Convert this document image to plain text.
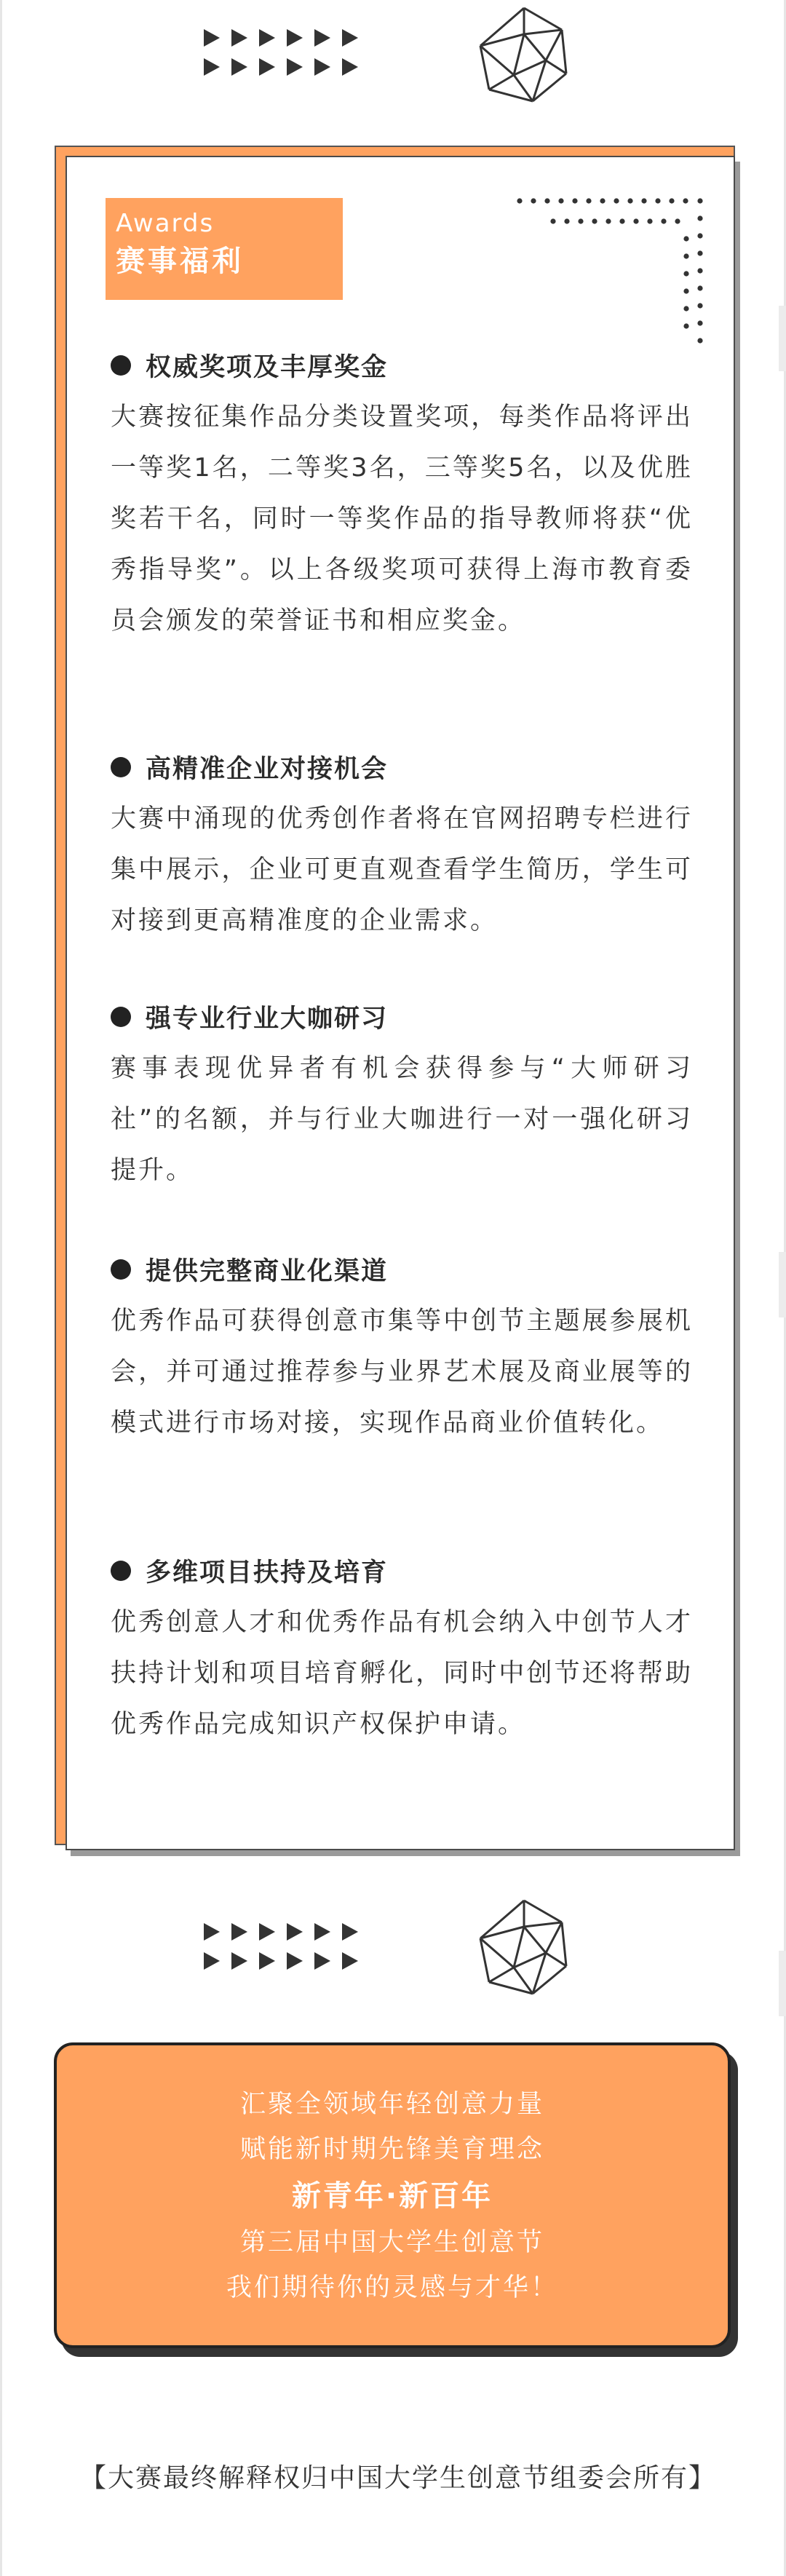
Awards
赛事福利
权威奖项及丰厚奖金
大赛按征集作品分类设置奖项，每类作品将评出一等奖1名，二等奖3名，三等奖5名，以及优胜奖若干名，同时一等奖作品的指导教师将获“优秀指导奖”。以上各级奖项可获得上海市教育委员会颁发的荣誉证书和相应奖金。
高精准企业对接机会
大赛中涌现的优秀创作者将在官网招聘专栏进行集中展示，企业可更直观查看学生简历，学生可对接到更高精准度的企业需求。
强专业行业大咖研习
赛事表现优异者有机会获得参与“大师研习社”的名额，并与行业大咖进行一对一强化研习提升。
提供完整商业化渠道
优秀作品可获得创意市集等中创节主题展参展机会，并可通过推荐参与业界艺术展及商业展等的模式进行市场对接，实现作品商业价值转化。
多维项目扶持及培育
优秀创意人才和优秀作品有机会纳入中创节人才扶持计划和项目培育孵化，同时中创节还将帮助优秀作品完成知识产权保护申请。
汇聚全领域年轻创意力量
赋能新时期先锋美育理念
新青年·新百年
第三届中国大学生创意节
我们期待你的灵感与才华！
【大赛最终解释权归中国大学生创意节组委会所有】
